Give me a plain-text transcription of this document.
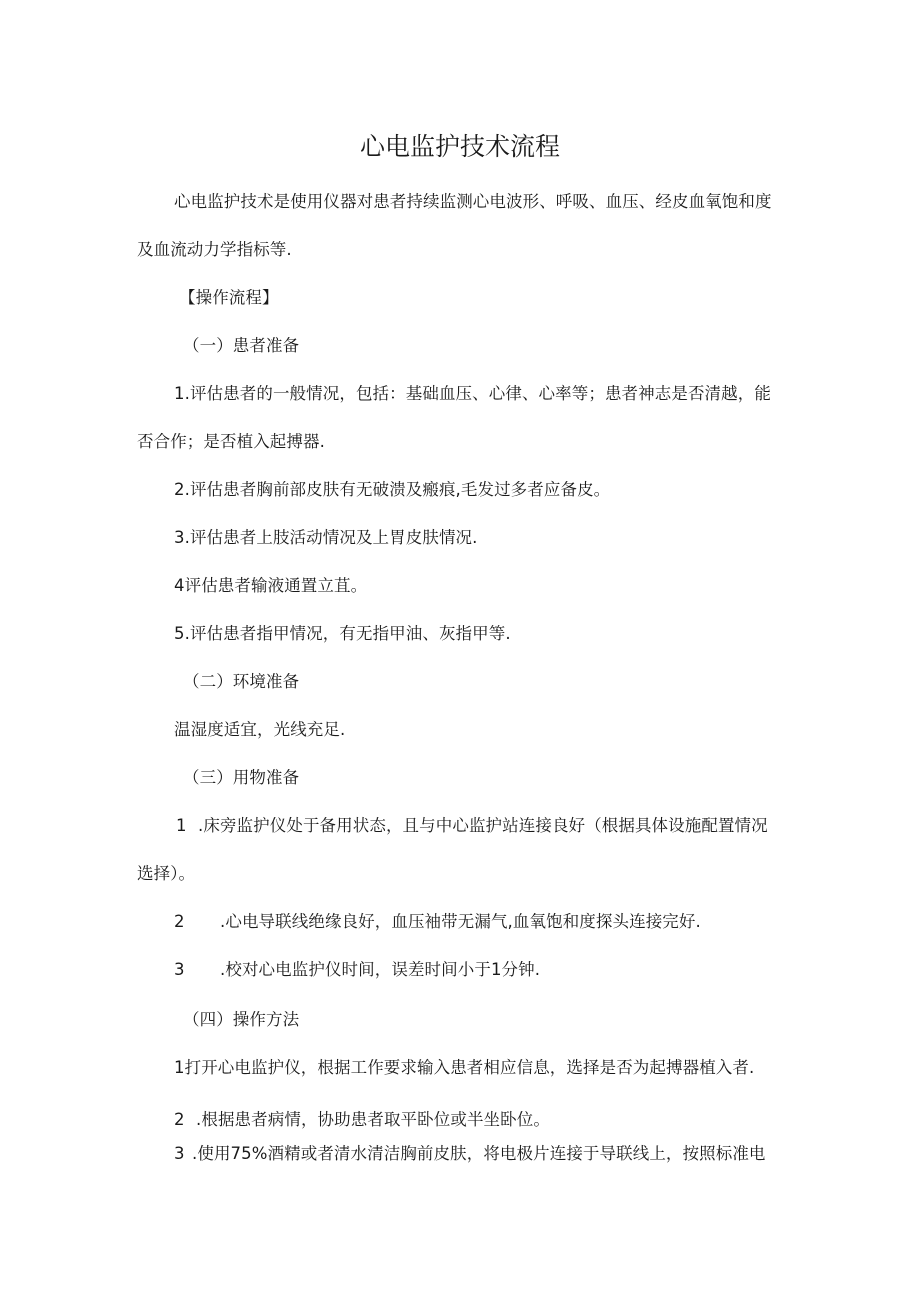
心电监护技术流程
心电监护技术是使用仪器对患者持续监测心电波形、呼吸、血压、经皮血氧饱和度
及血流动力学指标等.
【操作流程】
（一）患者准备
1.评估患者的一般情况，包括：基础血压、心律、心率等；患者神志是否清越，能
否合作；是否植入起搏器.
2.评估患者胸前部皮肤有无破溃及瘢痕,毛发过多者应备皮。
3.评估患者上肢活动情况及上胃皮肤情况.
4评估患者输液通置立苴。
5.评估患者指甲情况，有无指甲油、灰指甲等.
（二）环境准备
温湿度适宜，光线充足.
（三）用物准备
1 .床旁监护仪处于备用状态，且与中心监护站连接良好（根据具体设施配置情况
选择）。
2 .心电导联线绝缘良好，血压袖带无漏气,血氧饱和度探头连接完好.
3 .校对心电监护仪时间，误差时间小于1分钟.
（四）操作方法
1打开心电监护仪，根据工作要求输入患者相应信息，选择是否为起搏器植入者.
2 .根据患者病情，协助患者取平卧位或半坐卧位。
3 .使用75%酒精或者清水清洁胸前皮肤，将电极片连接于导联线上，按照标准电
